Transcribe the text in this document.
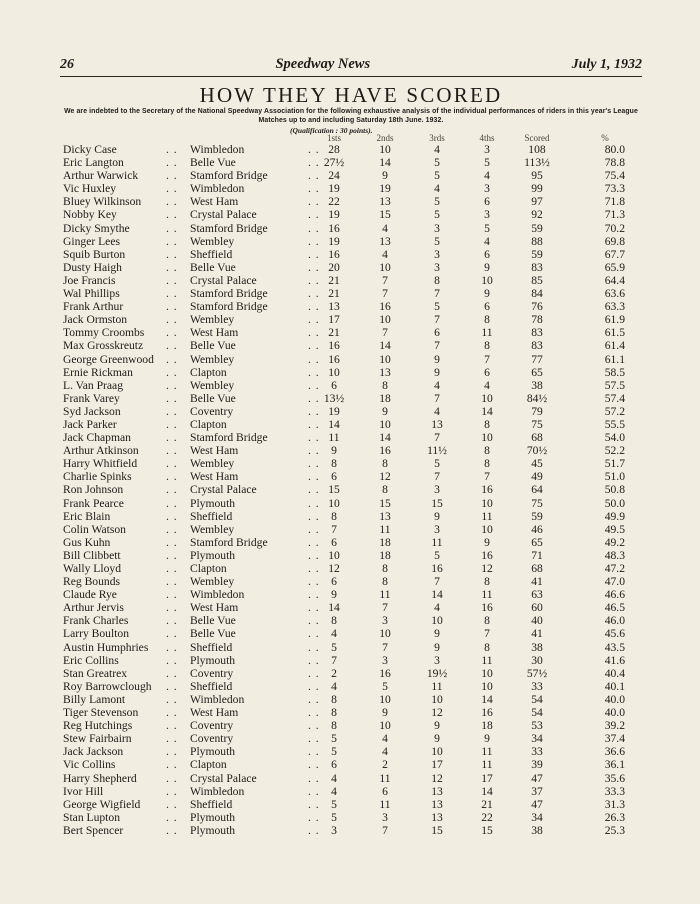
26	Speedway News	July 1, 1932
HOW THEY HAVE SCORED
We are indebted to the Secretary of the National Speedway Association for the following exhaustive analysis of the individual performances of riders in this year's League Matches up to and including Saturday 18th June. 1932.
(Qualification : 30 points).
1sts	2nds	3rds	4ths	Scored	%
Dicky Case	. . Wimbledon	. . 28	10	4	3	108	80.0
Eric Langton	. . Belle Vue	. . 27½	14	5	5	113½	78.8
Arthur Warwick . . Stamford Bridge	. . 24	9	5	4	95	75.4
Vic Huxley	. . Wimbledon	. . 19	19	4	3	99	73.3
Bluey Wilkinson . . West Ham	. . 22	13	5	6	97	71.8
Nobby Key	. . Crystal Palace	. . 19	15	5	3	92	71.3
Dicky Smythe	. . Stamford Bridge	. . 16	4	3	5	59	70.2
Ginger Lees	. . Wembley	. . 19	13	5	4	88	69.8
Squib Burton	. . Sheffield	. . 16	4	3	6	59	67.7
Dusty Haigh	. . Belle Vue	. . 20	10	3	9	83	65.9
Joe Francis	. . Crystal Palace	. . 21	7	8	10	85	64.4
Wal Phillips	. . Stamford Bridge	. . 21	7	7	9	84	63.6
Frank Arthur	. . Stamford Bridge	. . 13	16	5	6	76	63.3
Jack Ormston	. . Wembley	. . 17	10	7	8	78	61.9
Tommy Croombs . . West Ham	. . 21	7	6	11	83	61.5
Max Grosskreutz . . Belle Vue	. . 16	14	7	8	83	61.4
George Greenwood . . Wembley	. . 16	10	9	7	77	61.1
Ernie Rickman	. . Clapton	. . 10	13	9	6	65	58.5
L. Van Praag	. . Wembley	. . 6	8	4	4	38	57.5
Frank Varey	. . Belle Vue	. . 13½	18	7	10	84½	57.4
Syd Jackson	. . Coventry	. . 19	9	4	14	79	57.2
Jack Parker	. . Clapton	. . 14	10	13	8	75	55.5
Jack Chapman	. . Stamford Bridge	. . 11	14	7	10	68	54.0
Arthur Atkinson . . West Ham	. . 9	16	11½	8	70½	52.2
Harry Whitfield . . Wembley	. . 8	8	5	8	45	51.7
Charlie Spinks	. . West Ham	. . 6	12	7	7	49	51.0
Ron Johnson	. . Crystal Palace	. . 15	8	3	16	64	50.8
Frank Pearce	. . Plymouth	. . 10	15	15	10	75	50.0
Eric Blain	. . Sheffield	. . 8	13	9	11	59	49.9
Colin Watson	. . Wembley	. . 7	11	3	10	46	49.5
Gus Kuhn	. . Stamford Bridge	. . 6	18	11	9	65	49.2
Bill Clibbett	. . Plymouth	. . 10	18	5	16	71	48.3
Wally Lloyd	. . Clapton	. . 12	8	16	12	68	47.2
Reg Bounds	. . Wembley	. . 6	8	7	8	41	47.0
Claude Rye	. . Wimbledon	. . 9	11	14	11	63	46.6
Arthur Jervis	. . West Ham	. . 14	7	4	16	60	46.5
Frank Charles	. . Belle Vue	. . 8	3	10	8	40	46.0
Larry Boulton	. . Belle Vue	. . 4	10	9	7	41	45.6
Austin Humphries . . Sheffield	. . 5	7	9	8	38	43.5
Eric Collins	. . Plymouth	. . 7	3	3	11	30	41.6
Stan Greatrex	. . Coventry	. . 2	16	19½	10	57½	40.4
Roy Barrowclough . . Sheffield	. . 4	5	11	10	33	40.1
Billy Lamont	. . Wimbledon	. . 8	10	10	14	54	40.0
Tiger Stevenson . . West Ham	. . 8	9	12	16	54	40.0
Reg Hutchings	. . Coventry	. . 8	10	9	18	53	39.2
Stew Fairbairn	. . Coventry	. . 5	4	9	9	34	37.4
Jack Jackson	. . Plymouth	. . 5	4	10	11	33	36.6
Vic Collins	. . Clapton	. . 6	2	17	11	39	36.1
Harry Shepherd	. . Crystal Palace	. . 4	11	12	17	47	35.6
Ivor Hill	. . Wimbledon	. . 4	6	13	14	37	33.3
George Wigfield . . Sheffield	. . 5	11	13	21	47	31.3
Stan Lupton	. . Plymouth	. . 5	3	13	22	34	26.3
Bert Spencer	. . Plymouth	. . 3	7	15	15	38	25.3
